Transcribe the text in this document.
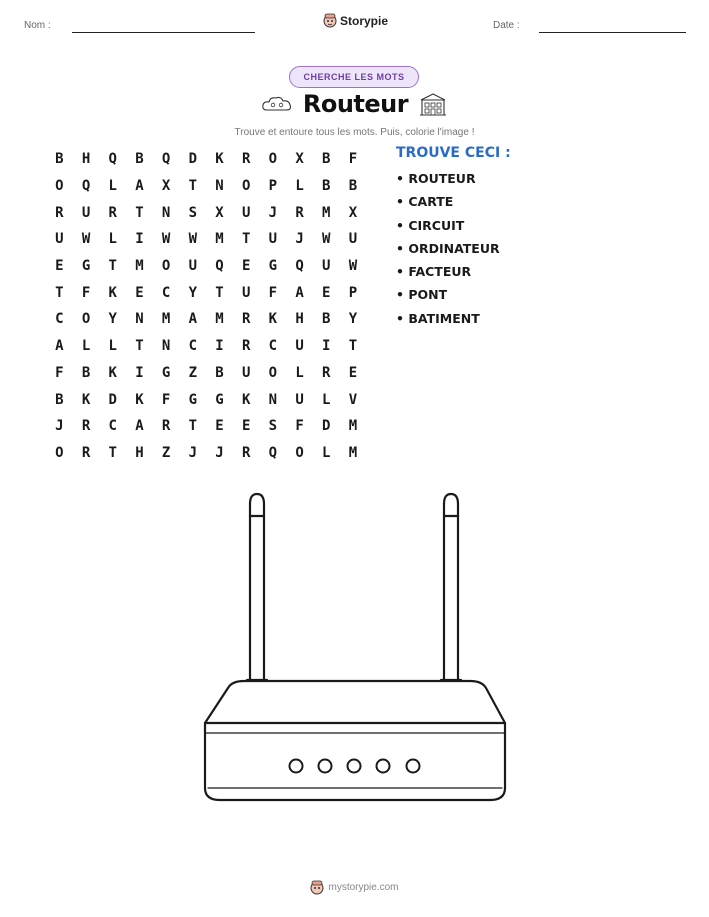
Nom :	Storypie	Date :
CHERCHE LES MOTS
Routeur
Trouve et entoure tous les mots. Puis, colorie l'image !
B	H	Q	B	Q	D	K	R	O	X	B	F
O	Q	L	A	X	T	N	O	P	L	B	B
R	U	R	T	N	S	X	U	J	R	M	X
U	W	L	I	W	W	M	T	U	J	W	U
E	G	T	M	O	U	Q	E	G	Q	U	W
T	F	K	E	C	Y	T	U	F	A	E	P
C	O	Y	N	M	A	M	R	K	H	B	Y
A	L	L	T	N	C	I	R	C	U	I	T
F	B	K	I	G	Z	B	U	O	L	R	E
B	K	D	K	F	G	G	K	N	U	L	V
J	R	C	A	R	T	E	E	S	F	D	M
O	R	T	H	Z	J	J	R	Q	O	L	M
TROUVE CECI :
• ROUTEUR
• CARTE
• CIRCUIT
• ORDINATEUR
• FACTEUR
• PONT
• BATIMENT
mystorypie.com
